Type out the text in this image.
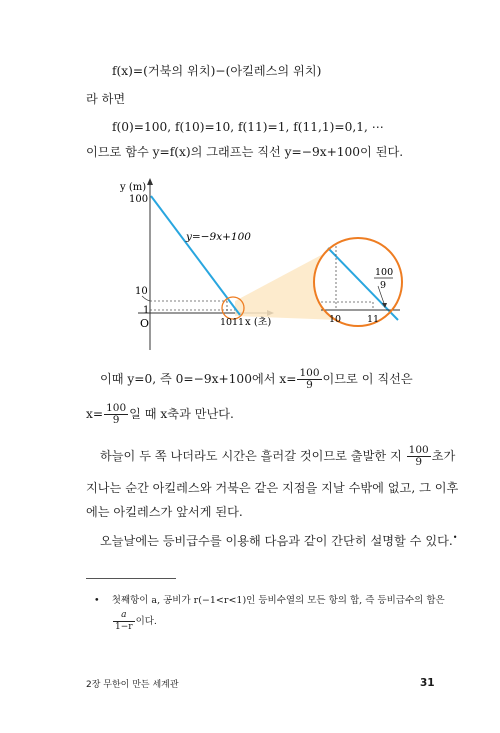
f(x)=(거북의 위치)−(아킬레스의 위치)
라 하면
f(0)=100, f(10)=10, f(11)=1, f(11,1)=0,1, ⋯
이므로 함수 y=f(x)의 그래프는 직선 y=−9x+100이 된다.
y (m)
100
10
1
O
y=−9x+100
10 11 x (초)	10	11
100
9
이때 y=0, 즉 0=−9x+100에서 $x= \frac{100}{9}$ 이므로 이 직선은
$x= \frac{100}{9}$ 일 때 x축과 만난다.
하늘이 두 쪽 나더라도 시간은 흘러갈 것이므로 출발한 지 $\frac{100}{9}$ 초가
지나는 순간 아킬레스와 거북은 같은 지점을 지날 수밖에 없고, 그 이후
에는 아킬레스가 앞서게 된다.
오늘날에는 등비급수를 이용해 다음과 같이 간단히 설명할 수 있다.•
• 첫째항이 a, 공비가 r(−1<r<1)인 등비수열의 모든 항의 합, 즉 등비급수의 합은
$\frac{a}{1-r}$ 이다.
2장 무한이 만든 세계관	31
